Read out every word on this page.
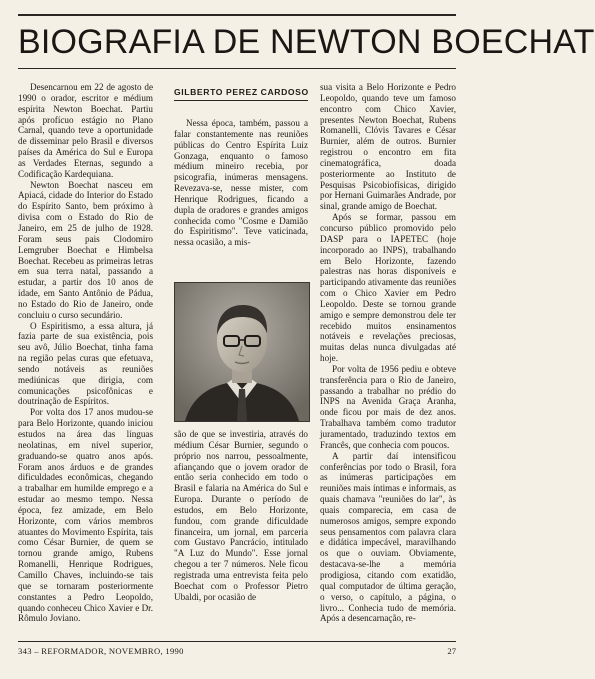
BIOGRAFIA DE NEWTON BOECHAT

Desencarnou em 22 de agosto de 1990 o orador, escritor e médium espírita Newton Boechat. Partiu após profícuo estágio no Plano Carnal, quando teve a oportunidade de disseminar pelo Brasil e diversos países da América do Sul e Europa as Verdades Eternas, segundo a Codificação Kardequiana.

Newton Boechat nasceu em Apiacá, cidade do Interior do Estado do Espírito Santo, bem próximo à divisa com o Estado do Rio de Janeiro, em 25 de julho de 1928. Foram seus pais Clodomiro Lemgruber Boechat e Himbelsa Boechat. Recebeu as primeiras letras em sua terra natal, passando a estudar, a partir dos 10 anos de idade, em Santo Antônio de Pádua, no Estado do Rio de Janeiro, onde concluiu o curso secundário.

O Espiritismo, a essa altura, já fazia parte de sua existência, pois seu avô, Júlio Boechat, tinha fama na região pelas curas que efetuava, sendo notáveis as reuniões mediúnicas que dirigia, com comunicações psicofônicas e doutrinação de Espíritos.

Por volta dos 17 anos mudou-se para Belo Horizonte, quando iniciou estudos na área das línguas neolatinas, em nível superior, graduando-se quatro anos após. Foram anos árduos e de grandes dificuldades econômicas, chegando a trabalhar em humilde emprego e a estudar ao mesmo tempo. Nessa época, fez amizade, em Belo Horizonte, com vários membros atuantes do Movimento Espírita, tais como César Burnier, de quem se tornou grande amigo, Rubens Romanelli, Henrique Rodrigues, Camillo Chaves, incluindo-se tais que se tornaram posteriormente constantes a Pedro Leopoldo, quando conheceu Chico Xavier e Dr. Rômulo Joviano.

GILBERTO PEREZ CARDOSO

Nessa época, também, passou a falar constantemente nas reuniões públicas do Centro Espírita Luiz Gonzaga, enquanto o famoso médium mineiro recebia, por psicografia, inúmeras mensagens. Revezava-se, nesse mister, com Henrique Rodrigues, ficando a dupla de oradores e grandes amigos conhecida como "Cosme e Damião do Espiritismo". Teve vaticinada, nessa ocasião, a mis-

são de que se investiria, através do médium César Burnier, segundo o próprio nos narrou, pessoalmente, afiançando que o jovem orador de então seria conhecido em todo o Brasil e falaria na América do Sul e Europa. Durante o período de estudos, em Belo Horizonte, fundou, com grande dificuldade financeira, um jornal, em parceria com Gustavo Pancrácio, intitulado "A Luz do Mundo". Esse jornal chegou a ter 7 números. Nele ficou registrada uma entrevista feita pelo Boechat com o Professor Pietro Ubaldi, por ocasião de

sua visita a Belo Horizonte e Pedro Leopoldo, quando teve um famoso encontro com Chico Xavier, presentes Newton Boechat, Rubens Romanelli, Clóvis Tavares e César Burnier, além de outros. Burnier registrou o encontro em fita cinematográfica, doada posteriormente ao Instituto de Pesquisas Psicobiofísicas, dirigido por Hernani Guimarães Andrade, por sinal, grande amigo de Boechat.

Após se formar, passou em concurso público promovido pelo DASP para o IAPETEC (hoje incorporado ao INPS), trabalhando em Belo Horizonte, fazendo palestras nas horas disponíveis e participando ativamente das reuniões com o Chico Xavier em Pedro Leopoldo. Deste se tornou grande amigo e sempre demonstrou dele ter recebido muitos ensinamentos notáveis e revelações preciosas, muitas delas nunca divulgadas até hoje.

Por volta de 1956 pediu e obteve transferência para o Rio de Janeiro, passando a trabalhar no prédio do INPS na Avenida Graça Aranha, onde ficou por mais de dez anos. Trabalhava também como tradutor juramentado, traduzindo textos em Francês, que conhecia com poucos.

A partir daí intensificou conferências por todo o Brasil, fora as inúmeras participações em reuniões mais íntimas e informais, as quais chamava "reuniões do lar", às quais comparecia, em casa de numerosos amigos, sempre expondo seus pensamentos com palavra clara e didática impecável, maravilhando os que o ouviam. Obviamente, destacava-se-lhe a memória prodigiosa, citando com exatidão, qual computador de última geração, o verso, o capítulo, a página, o livro... Conhecia tudo de memória. Após a desencarnação, re-

343 – REFORMADOR, NOVEMBRO, 1990	27
